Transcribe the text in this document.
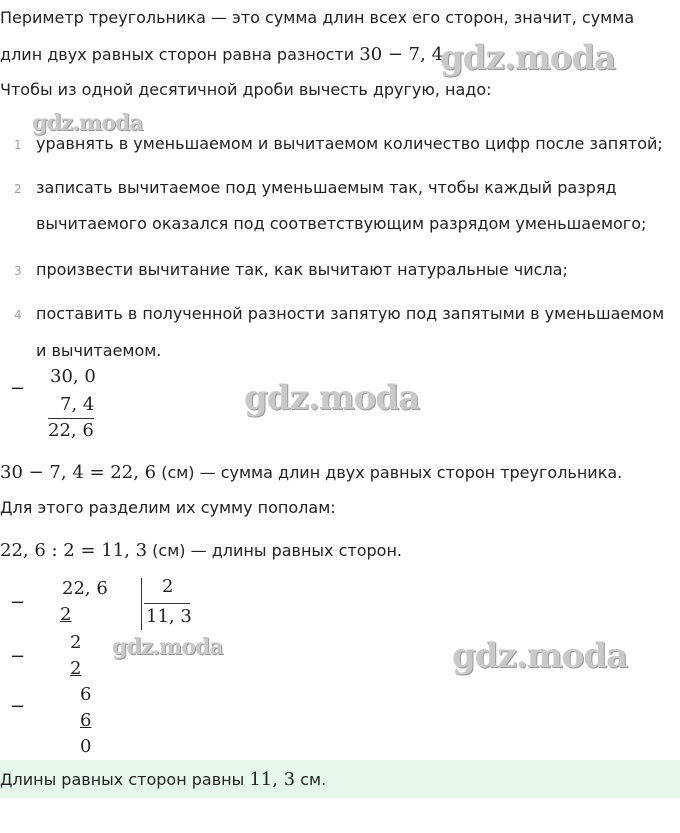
Периметр треугольника — это сумма длин всех его сторон, значит, сумма
длин двух равных сторон равна разности 30 − 7, 4.
gdz.moda
Чтобы из одной десятичной дроби вычесть другую, надо:
gdz.moda
1 уравнять в уменьшаемом и вычитаемом количество цифр после запятой;
2 записать вычитаемое под уменьшаемым так, чтобы каждый разряд
вычитаемого оказался под соответствующим разрядом уменьшаемого;
3 произвести вычитание так, как вычитают натуральные числа;
4 поставить в полученной разности запятую под запятыми в уменьшаемом
и вычитаемом.
−
30, 0
7, 4
22, 6
gdz.moda
30 − 7, 4 = 22, 6 (см) — сумма длин двух равных сторон треугольника.
Для этого разделим их сумму пополам:
22, 6 : 2 = 11, 3 (см) — длины равных сторон.
22, 6	2
11, 3
−
2
−
2
2
−
6
6
0
gdz.moda	gdz.moda
Длины равных сторон равны 11, 3 см.
